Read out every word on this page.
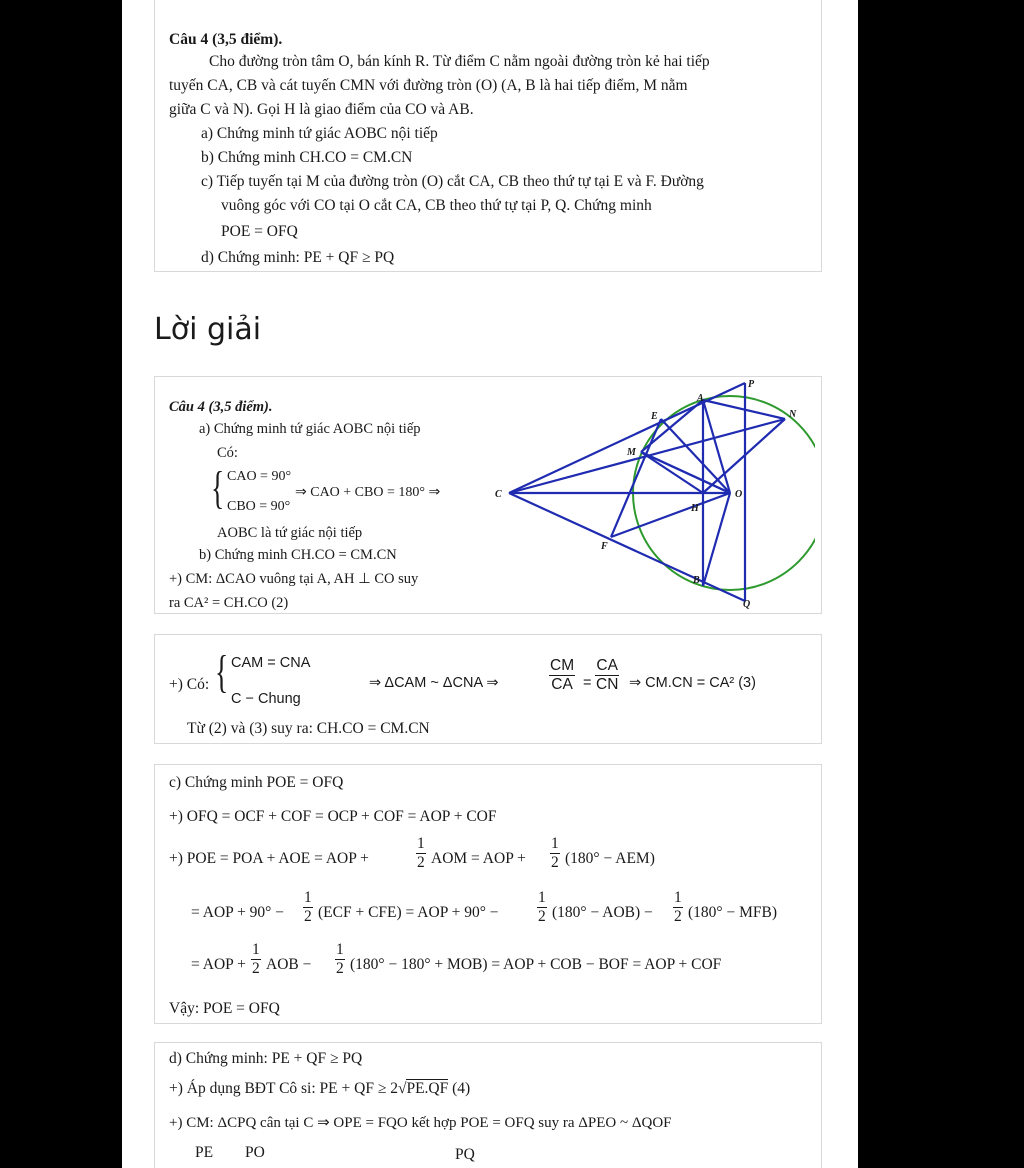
Câu 4 (3,5 điểm).
Cho đường tròn tâm O, bán kính R. Từ điểm C nằm ngoài đường tròn kẻ hai tiếp
tuyến CA, CB và cát tuyến CMN với đường tròn (O) (A, B là hai tiếp điểm, M nằm
giữa C và N). Gọi H là giao điểm của CO và AB.
a) Chứng minh tứ giác AOBC nội tiếp
b) Chứng minh CH.CO = CM.CN
c) Tiếp tuyến tại M của đường tròn (O) cắt CA, CB theo thứ tự tại E và F. Đường
vuông góc với CO tại O cắt CA, CB theo thứ tự tại P, Q. Chứng minh
POE = OFQ
d) Chứng minh: PE + QF ≥ PQ
Lời giải
Câu 4 (3,5 điểm).
a) Chứng minh tứ giác AOBC nội tiếp
Có:
{ CAO = 90°
CBO = 90°
⇒ CAO + CBO = 180° ⇒
AOBC là tứ giác nội tiếp
b) Chứng minh CH.CO = CM.CN
+) CM: ΔCAO vuông tại A, AH ⊥ CO suy
ra CA² = CH.CO (2)
P
A
E	N
M
C
H
O
F
B
Q
+) Có: { CAM = CNA
C − Chung
⇒ ΔCAM ~ ΔCNA ⇒	$\frac{CM}{CA} = \frac{CA}{CN}$ ⇒ CM.CN = CA² (3)
Từ (2) và (3) suy ra: CH.CO = CM.CN
c) Chứng minh POE = OFQ
+) OFQ = OCF + COF = OCP + COF = AOP + COF
+) POE = POA + AOE = AOP +	$\frac{1}{2}$ AOM = AOP + $\frac{1}{2} (180^\circ - AEM)$
= AOP + $90^\circ - \frac{1}{2} (ECF + CFE)$ = AOP + $90^\circ - \frac{1}{2} (180^\circ - AOB) - \frac{1}{2} (180^\circ - MFB)$
= AOP + $\frac{1}{2}$ AOB − $\frac{1}{2} (180^\circ - 180^\circ + MOB)$ = AOP + COB − BOF = AOP + COF
Vậy: POE = OFQ
d) Chứng minh: PE + QF ≥ PQ
+) Áp dụng BĐT Cô si: PE + QF ≥ 2√PE.QF (4)
+) CM: ΔCPQ cân tại C ⇒ OPE = FQO kết hợp POE = OFQ suy ra ΔPEO ~ ΔQOF
PE PO	PQ
